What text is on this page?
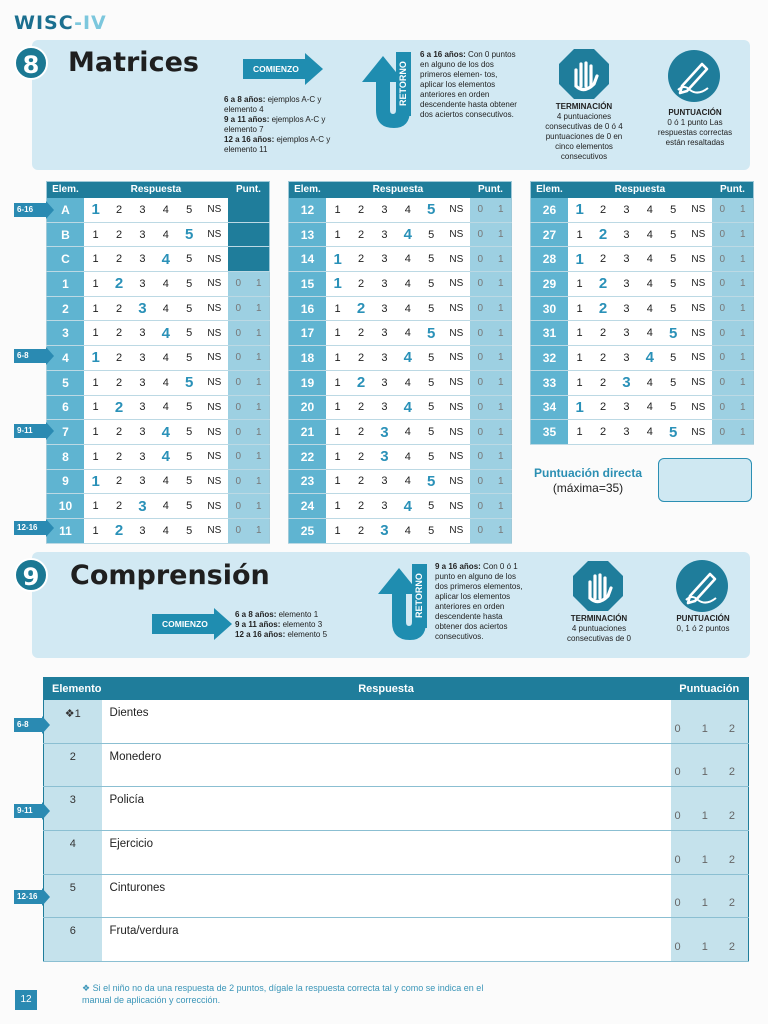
WISC-IV
8	Matrices	COMIENZO
6 a 8 años: ejemplos A-C y elemento 4
9 a 11 años: ejemplos A-C y elemento 7
12 a 16 años: ejemplos A-C y elemento 11
RETORNO
6 a 16 años: Con 0 puntos en alguno de los dos primeros elemen- tos, aplicar los elementos anteriores en orden descendente hasta obtener dos aciertos consecutivos.
TERMINACIÓN
4 puntuaciones consecutivas de 0 ó 4 puntuaciones de 0 en cinco elementos consecutivos
PUNTUACIÓN
0 ó 1 punto Las respuestas correctas están resaltadas
Elem.	Respuesta						Punt.	
A	1	2	3	4	5	NS		
B	1	2	3	4	5	NS		
C	1	2	3	4	5	NS		
1	1	2	3	4	5	NS	0	1
2	1	2	3	4	5	NS	0	1
3	1	2	3	4	5	NS	0	1
4	1	2	3	4	5	NS	0	1
5	1	2	3	4	5	NS	0	1
6	1	2	3	4	5	NS	0	1
7	1	2	3	4	5	NS	0	1
8	1	2	3	4	5	NS	0	1
9	1	2	3	4	5	NS	0	1
10	1	2	3	4	5	NS	0	1
11	1	2	3	4	5	NS	0	1
Elem.	Respuesta						Punt.	
12	1	2	3	4	5	NS	0	1
13	1	2	3	4	5	NS	0	1
14	1	2	3	4	5	NS	0	1
15	1	2	3	4	5	NS	0	1
16	1	2	3	4	5	NS	0	1
17	1	2	3	4	5	NS	0	1
18	1	2	3	4	5	NS	0	1
19	1	2	3	4	5	NS	0	1
20	1	2	3	4	5	NS	0	1
21	1	2	3	4	5	NS	0	1
22	1	2	3	4	5	NS	0	1
23	1	2	3	4	5	NS	0	1
24	1	2	3	4	5	NS	0	1
25	1	2	3	4	5	NS	0	1
Elem.	Respuesta						Punt.	
26	1	2	3	4	5	NS	0	1
27	1	2	3	4	5	NS	0	1
28	1	2	3	4	5	NS	0	1
29	1	2	3	4	5	NS	0	1
30	1	2	3	4	5	NS	0	1
31	1	2	3	4	5	NS	0	1
32	1	2	3	4	5	NS	0	1
33	1	2	3	4	5	NS	0	1
34	1	2	3	4	5	NS	0	1
35	1	2	3	4	5	NS	0	1
6-16
6-8
9-11
12-16
Puntuación directa
(máxima=35)
9	Comprensión
COMIENZO
6 a 8 años: elemento 1
9 a 11 años: elemento 3
12 a 16 años: elemento 5
RETORNO
9 a 16 años: Con 0 ó 1 punto en alguno de los dos primeros elementos, aplicar los elementos anteriores en orden descendente hasta obtener dos aciertos consecutivos.
TERMINACIÓN
4 puntuaciones consecutivas de 0
PUNTUACIÓN
0, 1 ó 2 puntos
Elemento	Respuesta	Puntuación
❖1	Dientes	0 1 2
2	Monedero	0 1 2
3	Policía	0 1 2
4	Ejercicio	0 1 2
5	Cinturones	0 1 2
6	Fruta/verdura	0 1 2
6-8
9-11
12-16
❖ Si el niño no da una respuesta de 2 puntos, dígale la respuesta correcta tal y como se indica en el manual de aplicación y corrección.
12
